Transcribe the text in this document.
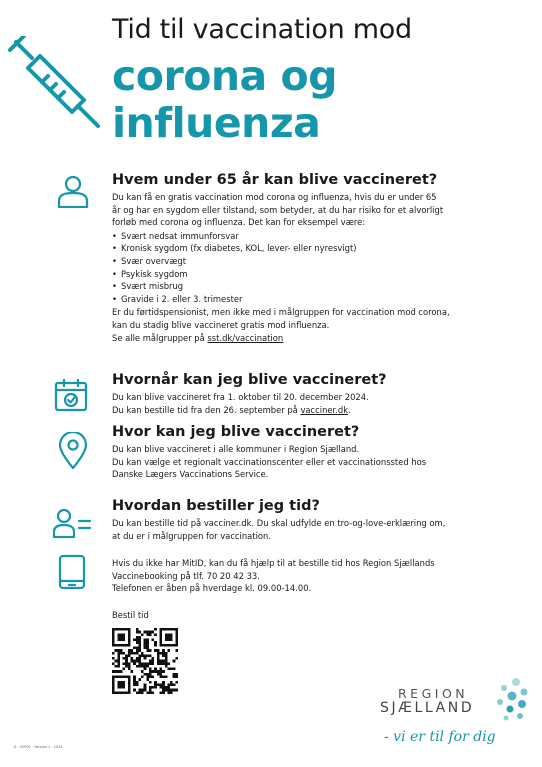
Tid til vaccination mod
corona og
influenza
Hvem under 65 år kan blive vaccineret?
Du kan få en gratis vaccination mod corona og influenza, hvis du er under 65
år og har en sygdom eller tilstand, som betyder, at du har risiko for et alvorligt
forløb med corona og influenza. Det kan for eksempel være:
• Svært nedsat immunforsvar
• Kronisk sygdom (fx diabetes, KOL, lever- eller nyresvigt)
• Svær overvægt
• Psykisk sygdom
• Svært misbrug
• Gravide i 2. eller 3. trimester
Er du førtidspensionist, men ikke med i målgruppen for vaccination mod corona,
kan du stadig blive vaccineret gratis mod influenza.
Se alle målgrupper på sst.dk/vaccination
Hvornår kan jeg blive vaccineret?
Du kan blive vaccineret fra 1. oktober til 20. december 2024.
Du kan bestille tid fra den 26. september på vacciner.dk.
Hvor kan jeg blive vaccineret?
Du kan blive vaccineret i alle kommuner i Region Sjælland.
Du kan vælge et regionalt vaccinationscenter eller et vaccinationssted hos
Danske Lægers Vaccinations Service.
Hvordan bestiller jeg tid?
Du kan bestille tid på vacciner.dk. Du skal udfylde en tro-og-love-erklæring om,
at du er i målgruppen for vaccination.
Hvis du ikke har MitID, kan du få hjælp til at bestille tid hos Region Sjællands
Vaccinebooking på tlf. 70 20 42 33.
Telefonen er åben på hverdage kl. 09.00-14.00.
Bestil tid
REGION
SJÆLLAND
- vi er til for dig
K · 02900 · Version 1 · 2024
